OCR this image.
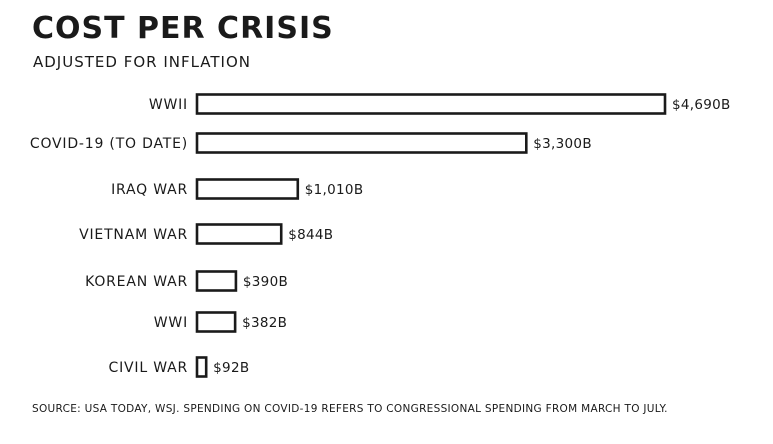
COST PER CRISIS
ADJUSTED FOR INFLATION
WWII	$4,690B
COVID-19 (TO DATE)	$3,300B
IRAQ WAR	$1,010B
VIETNAM WAR	$844B
KOREAN WAR	$390B
WWI	$382B
CIVIL WAR $92B
SOURCE: USA TODAY, WSJ. SPENDING ON COVID-19 REFERS TO CONGRESSIONAL SPENDING FROM MARCH TO JULY.
